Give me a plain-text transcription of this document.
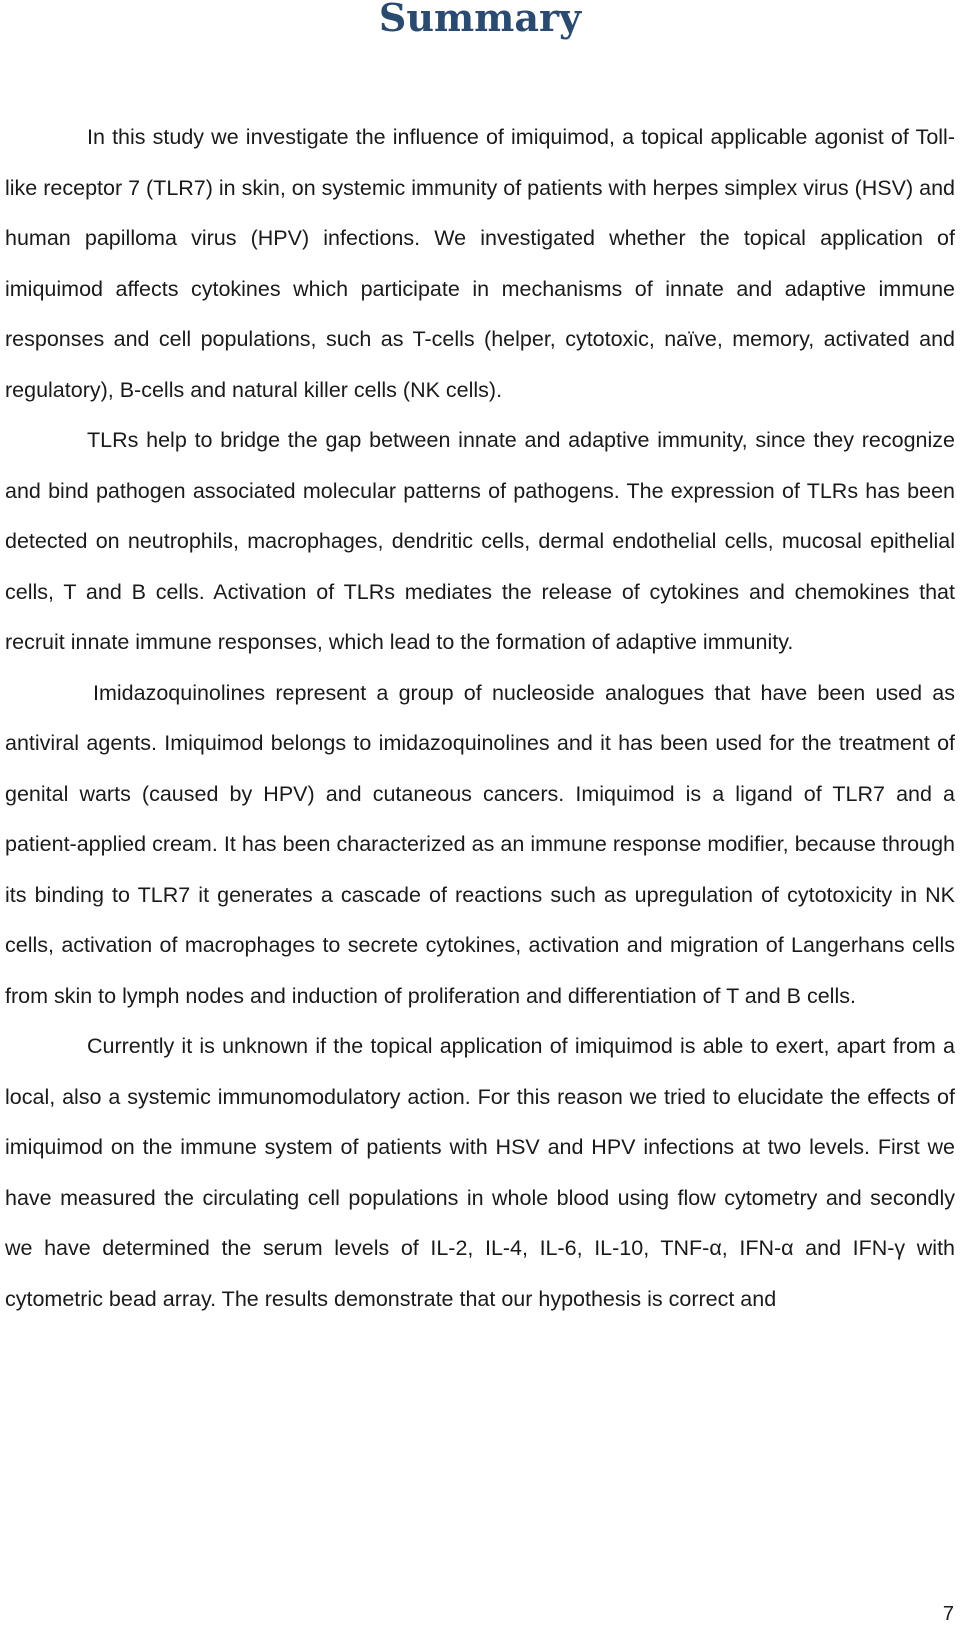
Summary

In this study we investigate the influence of imiquimod, a topical applicable agonist of Toll-like receptor 7 (TLR7) in skin, on systemic immunity of patients with herpes simplex virus (HSV) and human papilloma virus (HPV) infections. We investigated whether the topical application of imiquimod affects cytokines which participate in mechanisms of innate and adaptive immune responses and cell populations, such as T-cells (helper, cytotoxic, naïve, memory, activated and regulatory), B-cells and natural killer cells (NK cells).

TLRs help to bridge the gap between innate and adaptive immunity, since they recognize and bind pathogen associated molecular patterns of pathogens. The expression of TLRs has been detected on neutrophils, macrophages, dendritic cells, dermal endothelial cells, mucosal epithelial cells, T and B cells. Activation of TLRs mediates the release of cytokines and chemokines that recruit innate immune responses, which lead to the formation of adaptive immunity.

Imidazoquinolines represent a group of nucleoside analogues that have been used as antiviral agents. Imiquimod belongs to imidazoquinolines and it has been used for the treatment of genital warts (caused by HPV) and cutaneous cancers. Imiquimod is a ligand of TLR7 and a patient-applied cream. It has been characterized as an immune response modifier, because through its binding to TLR7 it generates a cascade of reactions such as upregulation of cytotoxicity in NK cells, activation of macrophages to secrete cytokines, activation and migration of Langerhans cells from skin to lymph nodes and induction of proliferation and differentiation of T and B cells.

Currently it is unknown if the topical application of imiquimod is able to exert, apart from a local, also a systemic immunomodulatory action. For this reason we tried to elucidate the effects of imiquimod on the immune system of patients with HSV and HPV infections at two levels. First we have measured the circulating cell populations in whole blood using flow cytometry and secondly we have determined the serum levels of IL-2, IL-4, IL-6, IL-10, TNF-α, IFN-α and IFN-γ with cytometric bead array. The results demonstrate that our hypothesis is correct and

7
